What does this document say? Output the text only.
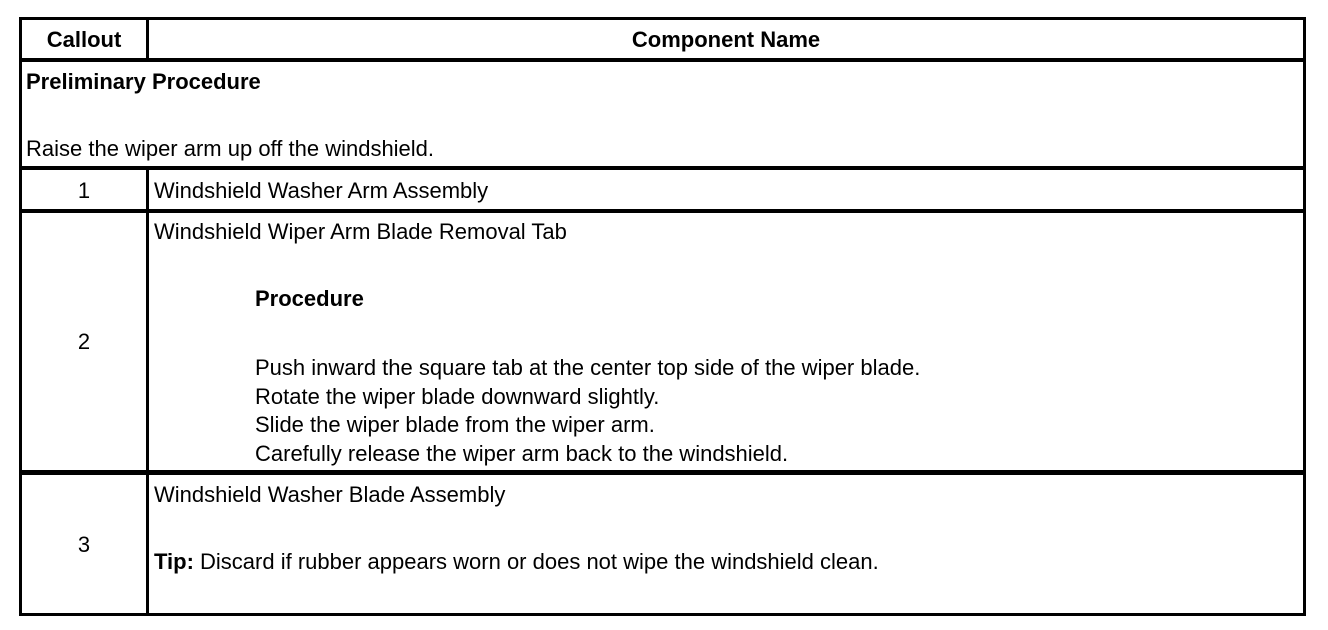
Callout	Component Name
Preliminary Procedure
Raise the wiper arm up off the windshield.
1	Windshield Washer Arm Assembly
2
Windshield Wiper Arm Blade Removal Tab
Procedure
Push inward the square tab at the center top side of the wiper blade.
Rotate the wiper blade downward slightly.
Slide the wiper blade from the wiper arm.
Carefully release the wiper arm back to the windshield.
3
Windshield Washer Blade Assembly
Tip: Discard if rubber appears worn or does not wipe the windshield clean.
